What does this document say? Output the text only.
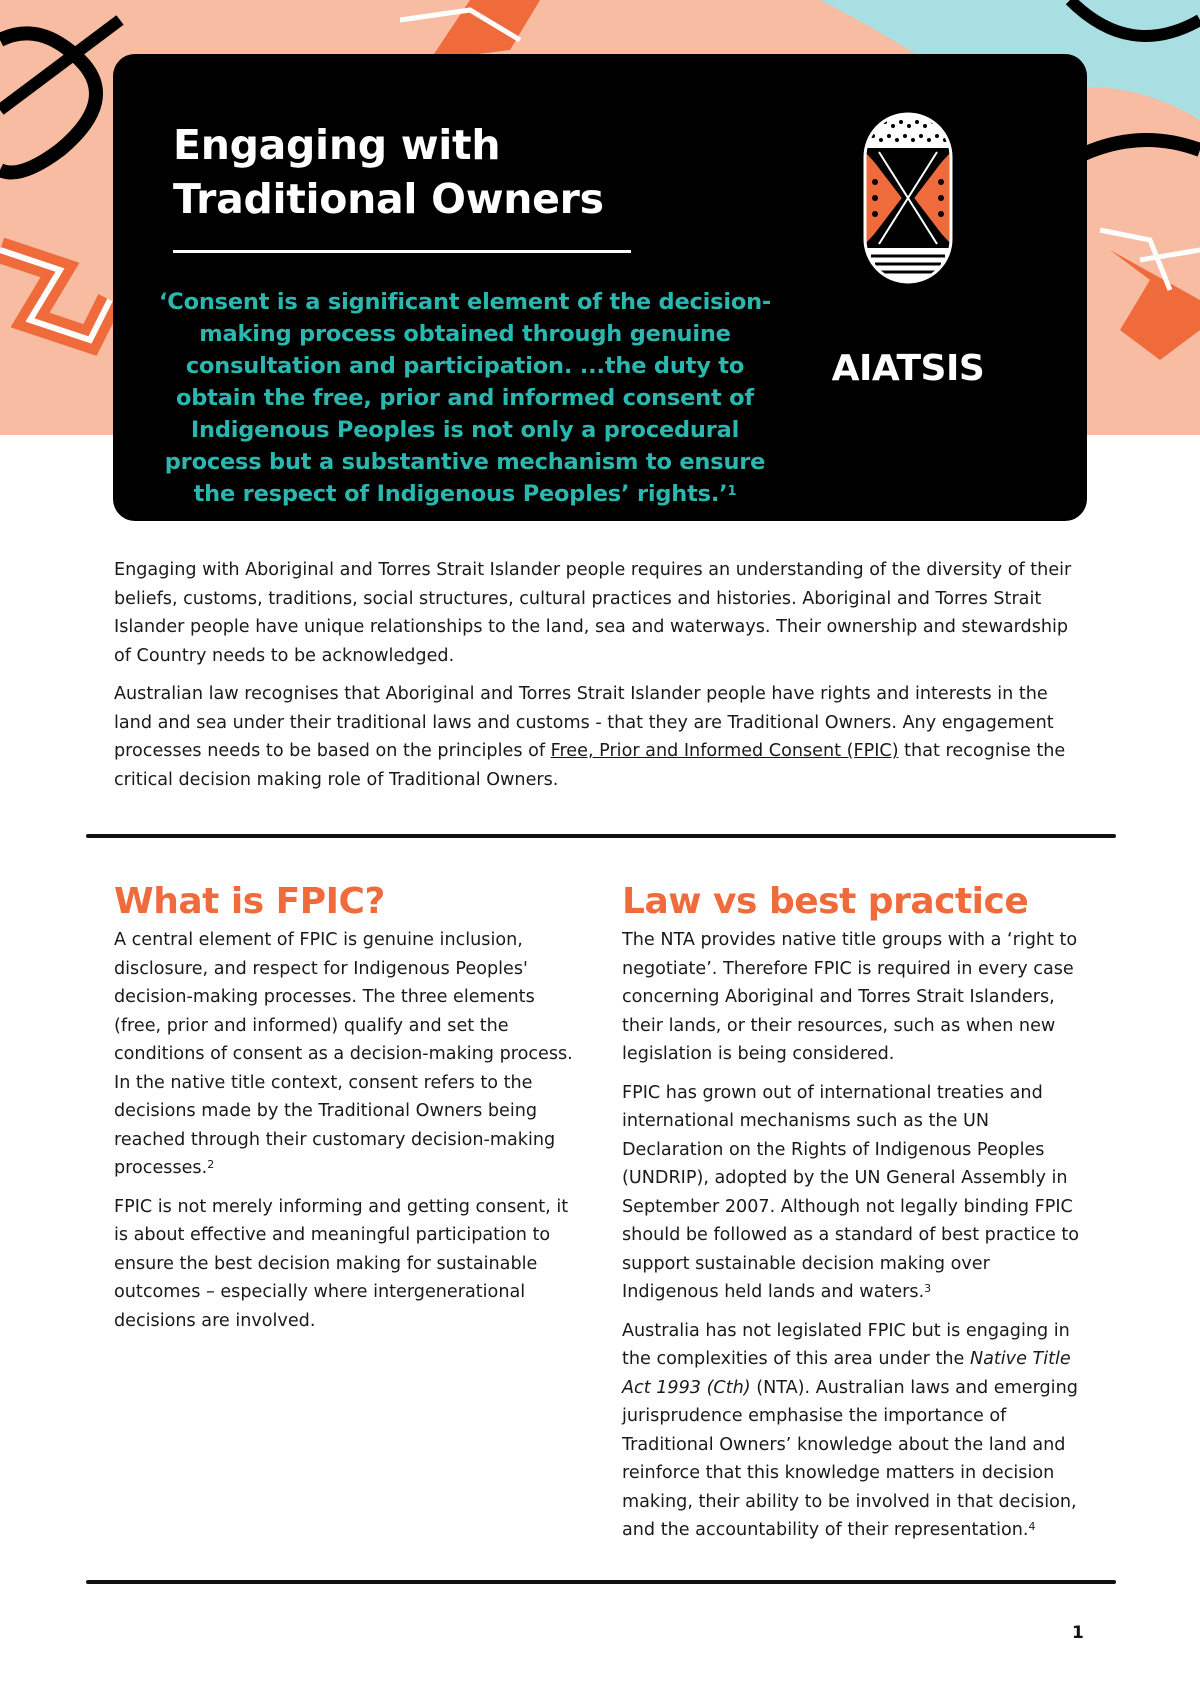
Engaging with
Traditional Owners

‘Consent is a significant element of the decision-making process obtained through genuine consultation and participation. ...the duty to obtain the free, prior and informed consent of Indigenous Peoples is not only a procedural process but a substantive mechanism to ensure the respect of Indigenous Peoples’ rights.’$^1$

AIATSIS

Engaging with Aboriginal and Torres Strait Islander people requires an understanding of the diversity of their beliefs, customs, traditions, social structures, cultural practices and histories. Aboriginal and Torres Strait Islander people have unique relationships to the land, sea and waterways. Their ownership and stewardship of Country needs to be acknowledged.

Australian law recognises that Aboriginal and Torres Strait Islander people have rights and interests in the land and sea under their traditional laws and customs - that they are Traditional Owners. Any engagement processes needs to be based on the principles of Free, Prior and Informed Consent (FPIC) that recognise the critical decision making role of Traditional Owners.

What is FPIC?

A central element of FPIC is genuine inclusion, disclosure, and respect for Indigenous Peoples' decision-making processes. The three elements (free, prior and informed) qualify and set the conditions of consent as a decision-making process. In the native title context, consent refers to the decisions made by the Traditional Owners being reached through their customary decision-making processes.$^2$

FPIC is not merely informing and getting consent, it is about effective and meaningful participation to ensure the best decision making for sustainable outcomes – especially where intergenerational decisions are involved.

Law vs best practice

The NTA provides native title groups with a ‘right to negotiate’. Therefore FPIC is required in every case concerning Aboriginal and Torres Strait Islanders, their lands, or their resources, such as when new legislation is being considered.

FPIC has grown out of international treaties and international mechanisms such as the UN Declaration on the Rights of Indigenous Peoples (UNDRIP), adopted by the UN General Assembly in September 2007. Although not legally binding FPIC should be followed as a standard of best practice to support sustainable decision making over Indigenous held lands and waters.$^3$

Australia has not legislated FPIC but is engaging in the complexities of this area under the Native Title Act 1993 (Cth) (NTA). Australian laws and emerging jurisprudence emphasise the importance of Traditional Owners’ knowledge about the land and reinforce that this knowledge matters in decision making, their ability to be involved in that decision, and the accountability of their representation.$^4$

1
